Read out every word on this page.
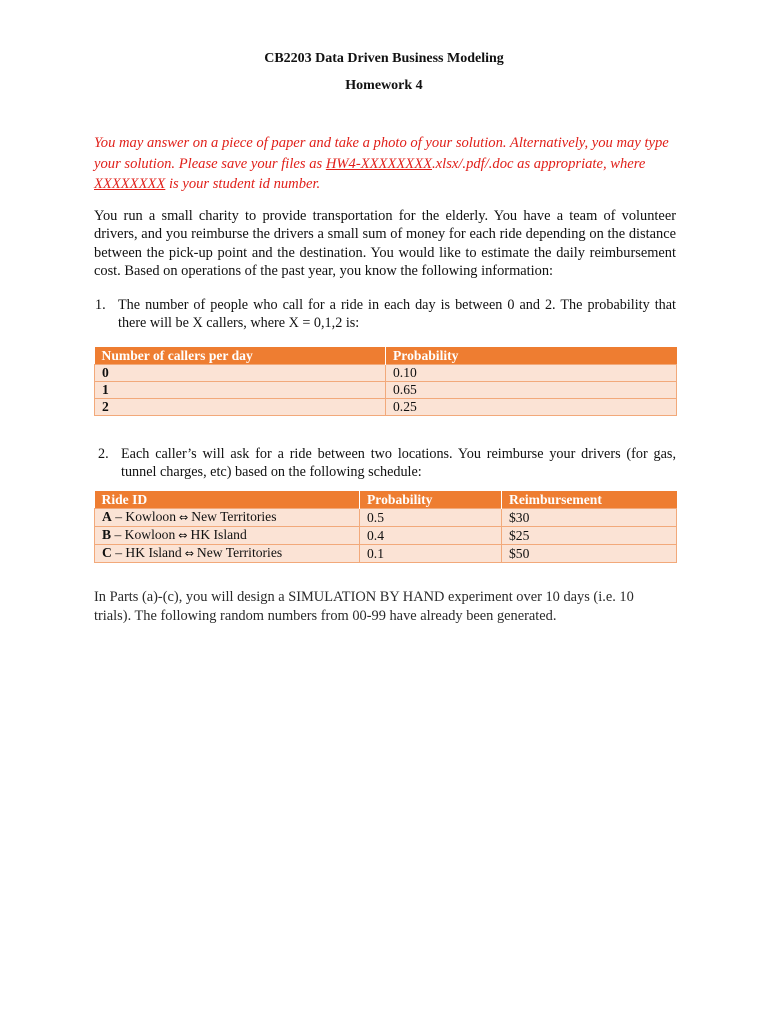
CB2203 Data Driven Business Modeling
Homework 4
You may answer on a piece of paper and take a photo of your solution. Alternatively, you may type your solution. Please save your files as HW4-XXXXXXXX.xlsx/.pdf/.doc as appropriate, where XXXXXXXX is your student id number.
You run a small charity to provide transportation for the elderly. You have a team of volunteer drivers, and you reimburse the drivers a small sum of money for each ride depending on the distance between the pick-up point and the destination. You would like to estimate the daily reimbursement cost. Based on operations of the past year, you know the following information:
1. The number of people who call for a ride in each day is between 0 and 2. The probability that there will be X callers, where X = 0,1,2 is:
Number of callers per day	Probability
0	0.10
1	0.65
2	0.25
2. Each caller’s will ask for a ride between two locations. You reimburse your drivers (for gas, tunnel charges, etc) based on the following schedule:
Ride ID	Probability	Reimbursement
A – Kowloon ⇔ New Territories	0.5	$30
B – Kowloon ⇔ HK Island	0.4	$25
C – HK Island ⇔ New Territories	0.1	$50
In Parts (a)-(c), you will design a SIMULATION BY HAND experiment over 10 days (i.e. 10 trials). The following random numbers from 00-99 have already been generated.
